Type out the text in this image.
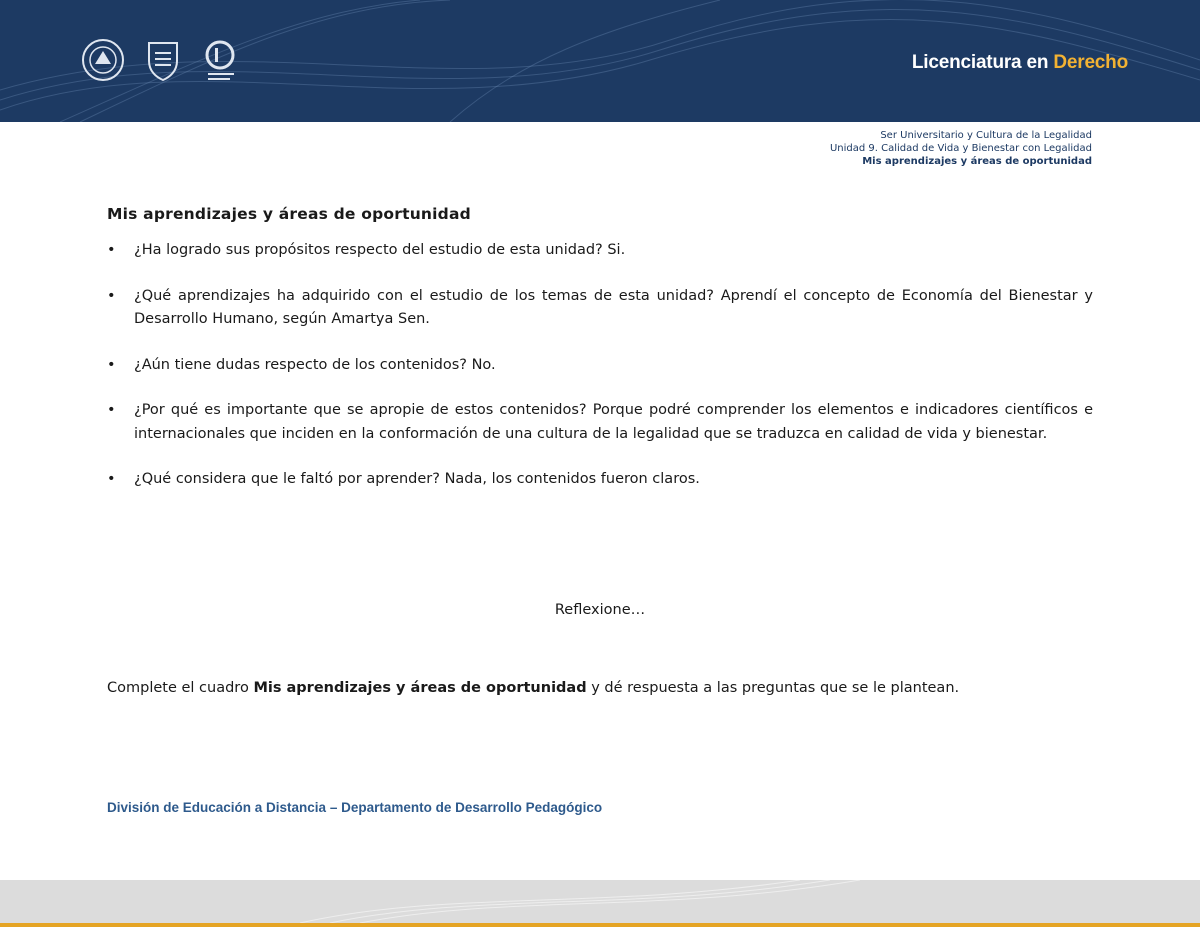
Licenciatura en Derecho
Ser Universitario y Cultura de la Legalidad
Unidad 9. Calidad de Vida y Bienestar con Legalidad
Mis aprendizajes y áreas de oportunidad
Mis aprendizajes y áreas de oportunidad
• ¿Ha logrado sus propósitos respecto del estudio de esta unidad? Si.
• ¿Qué aprendizajes ha adquirido con el estudio de los temas de esta unidad? Aprendí el concepto de Economía del Bienestar y Desarrollo Humano, según Amartya Sen.
• ¿Aún tiene dudas respecto de los contenidos? No.
• ¿Por qué es importante que se apropie de estos contenidos? Porque podré comprender los elementos e indicadores científicos e internacionales que inciden en la conformación de una cultura de la legalidad que se traduzca en calidad de vida y bienestar.
• ¿Qué considera que le faltó por aprender? Nada, los contenidos fueron claros.
Reflexione…
Complete el cuadro Mis aprendizajes y áreas de oportunidad y dé respuesta a las preguntas que se le plantean.
División de Educación a Distancia – Departamento de Desarrollo Pedagógico
